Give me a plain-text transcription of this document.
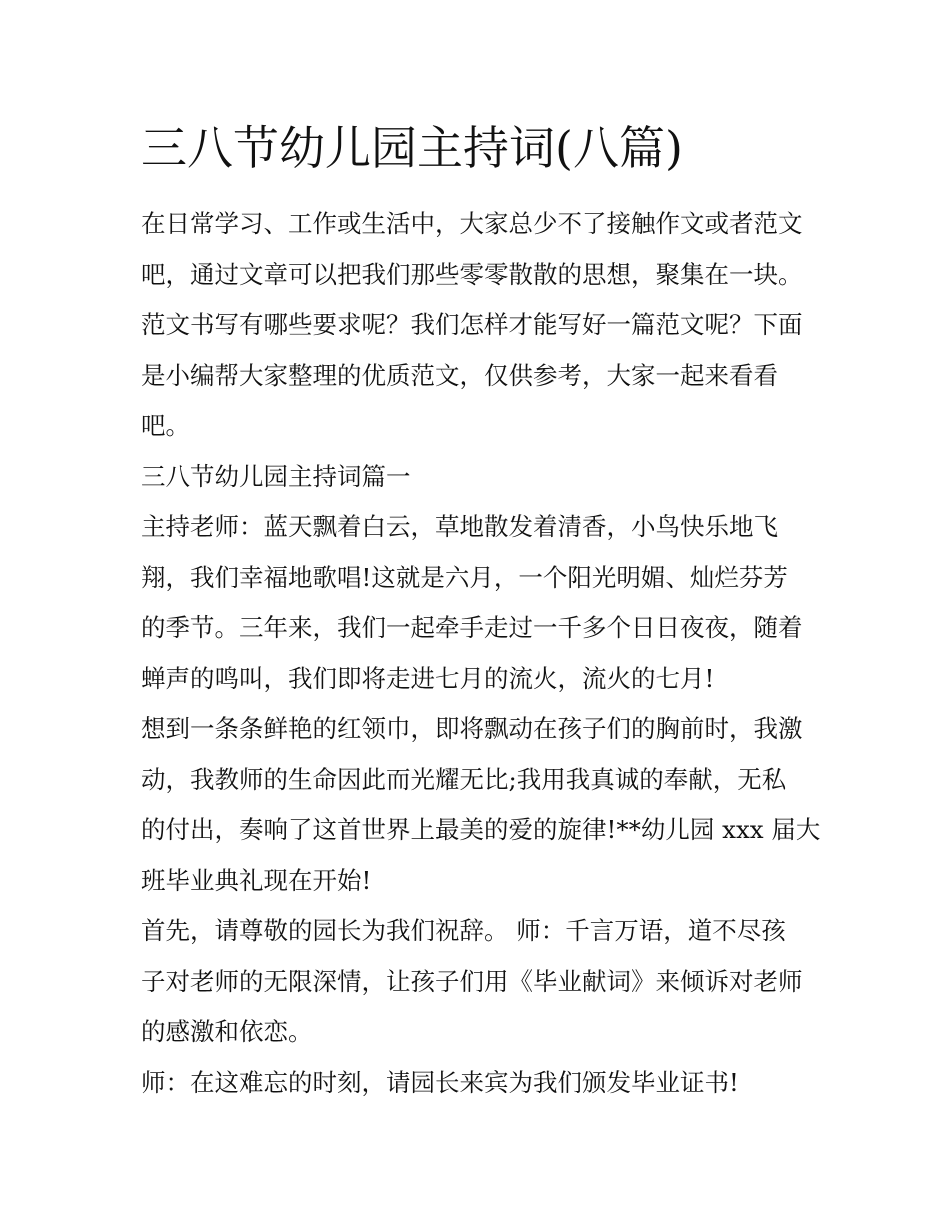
三八节幼儿园主持词(八篇)
在日常学习、工作或生活中，大家总少不了接触作文或者范文
吧，通过文章可以把我们那些零零散散的思想，聚集在一块。
范文书写有哪些要求呢？我们怎样才能写好一篇范文呢？下面
是小编帮大家整理的优质范文，仅供参考，大家一起来看看
吧。
三八节幼儿园主持词篇一
主持老师：蓝天飘着白云，草地散发着清香，小鸟快乐地飞
翔，我们幸福地歌唱!这就是六月，一个阳光明媚、灿烂芬芳
的季节。三年来，我们一起牵手走过一千多个日日夜夜，随着
蝉声的鸣叫，我们即将走进七月的流火，流火的七月!
想到一条条鲜艳的红领巾，即将飘动在孩子们的胸前时，我激
动，我教师的生命因此而光耀无比;我用我真诚的奉献，无私
的付出，奏响了这首世界上最美的爱的旋律!**幼儿园 xxx 届大
班毕业典礼现在开始!
首先，请尊敬的园长为我们祝辞。 师：千言万语，道不尽孩
子对老师的无限深情，让孩子们用《毕业献词》来倾诉对老师
的感激和依恋。
师：在这难忘的时刻，请园长来宾为我们颁发毕业证书!
